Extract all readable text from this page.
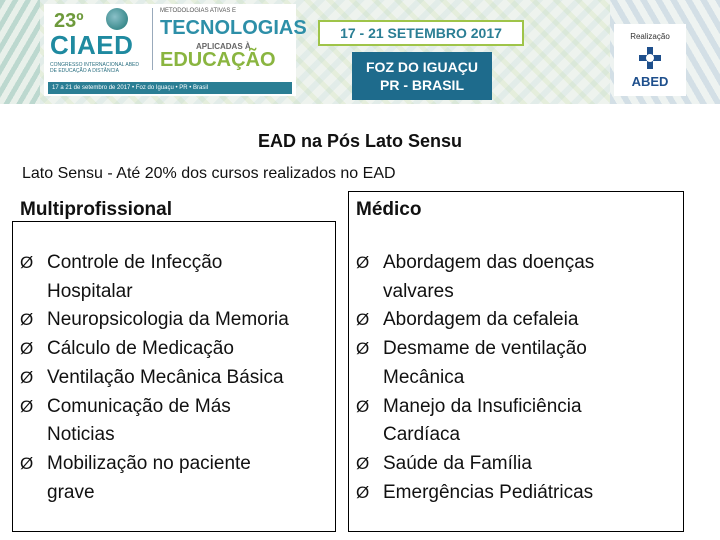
23º
CIAED
CONGRESSO INTERNACIONAL ABED DE EDUCAÇÃO A DISTÂNCIA
METODOLOGIAS ATIVAS E
TECNOLOGIAS
APLICADAS À
EDUCAÇÃO
17 a 21 de setembro de 2017 • Foz do Iguaçu • PR • Brasil
17 - 21 SETEMBRO 2017
FOZ DO IGUAÇU
PR - BRASIL
Realização
ABED
EAD na Pós Lato Sensu
Lato Sensu - Até 20% dos cursos realizados no EAD
Multiprofissional
Ø Controle de Infecção
Hospitalar
Ø Neuropsicologia da Memoria
Ø Cálculo de Medicação
Ø Ventilação Mecânica Básica
Ø Comunicação de Más
Noticias
Ø Mobilização no paciente
grave
Médico
Ø Abordagem das doenças
valvares
Ø Abordagem da cefaleia
Ø Desmame de ventilação
Mecânica
Ø Manejo da Insuficiência
Cardíaca
Ø Saúde da Família
Ø Emergências Pediátricas
